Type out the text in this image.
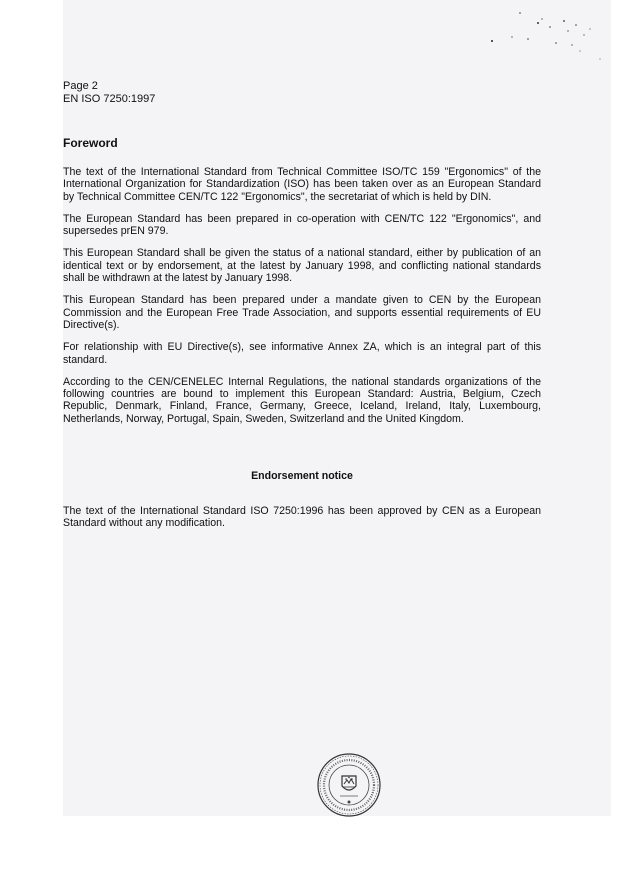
Page 2
EN ISO 7250:1997
Foreword

The text of the International Standard from Technical Committee ISO/TC 159 "Ergonomics" of the International Organization for Standardization (ISO) has been taken over as an European Standard by Technical Committee CEN/TC 122 "Ergonomics", the secretariat of which is held by DIN.

The European Standard has been prepared in co-operation with CEN/TC 122 "Ergonomics", and supersedes prEN 979.

This European Standard shall be given the status of a national standard, either by publication of an identical text or by endorsement, at the latest by January 1998, and conflicting national standards shall be withdrawn at the latest by January 1998.

This European Standard has been prepared under a mandate given to CEN by the European Commission and the European Free Trade Association, and supports essential requirements of EU Directive(s).

For relationship with EU Directive(s), see informative Annex ZA, which is an integral part of this standard.

According to the CEN/CENELEC Internal Regulations, the national standards organizations of the following countries are bound to implement this European Standard: Austria, Belgium, Czech Republic, Denmark, Finland, France, Germany, Greece, Iceland, Ireland, Italy, Luxembourg, Netherlands, Norway, Portugal, Spain, Sweden, Switzerland and the United Kingdom.

Endorsement notice
The text of the International Standard ISO 7250:1996 has been approved by CEN as a European Standard without any modification.
